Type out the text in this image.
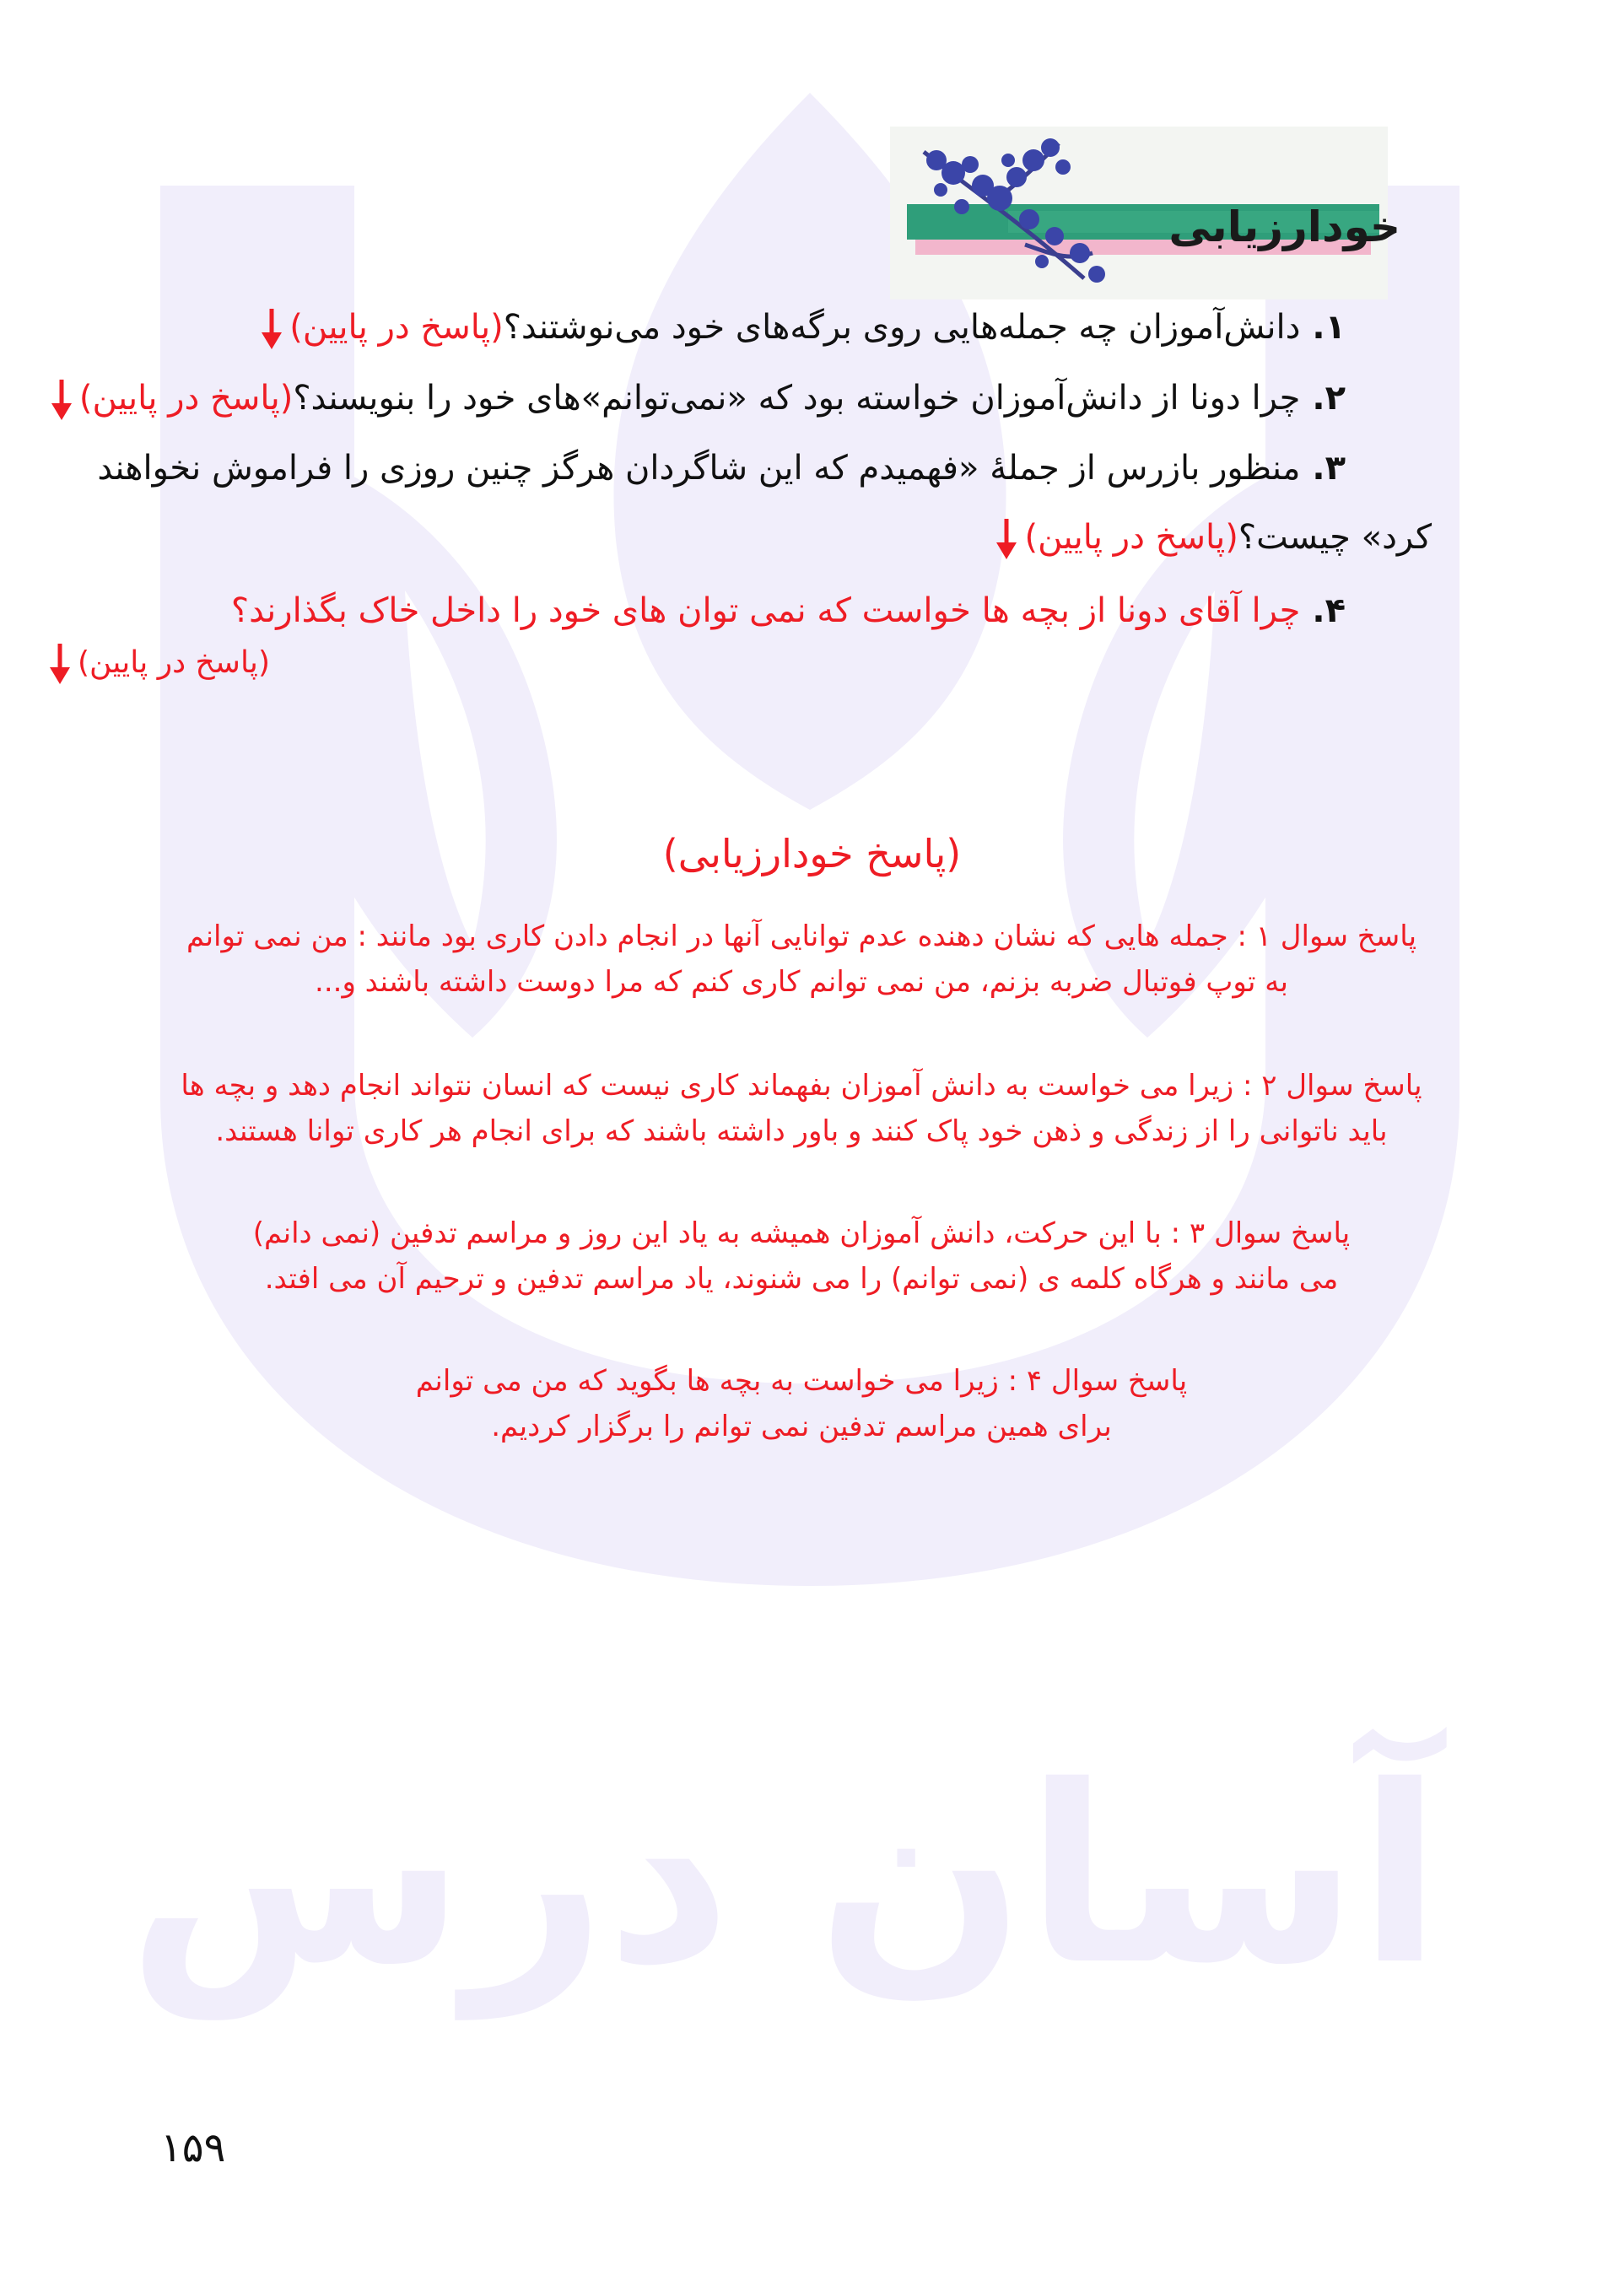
آسان درس
خودارزیابی
۱.دانش‌آموزان چه جمله‌هایی روی برگه‌های خود می‌نوشتند؟(پاسخ در پایین)
۲.چرا دونا از دانش‌آموزان خواسته بود که «نمی‌توانم»های خود را بنویسند؟(پاسخ در پایین)
۳.منظور بازرس از جملهٔ «فهمیدم که این شاگردان هرگز چنین روزی را فراموش نخواهند
کرد» چیست؟(پاسخ در پایین)
۴.چرا آقای دونا از بچه ها خواست که نمی توان های خود را داخل خاک بگذارند؟
(پاسخ در پایین)
(پاسخ خودارزیابی)
پاسخ سوال ۱ : جمله هایی که نشان دهنده عدم توانایی آنها در انجام دادن کاری بود مانند : من نمی توانم
به توپ فوتبال ضربه بزنم، من نمی توانم کاری کنم که مرا دوست داشته باشند و...
پاسخ سوال ۲ : زیرا می خواست به دانش آموزان بفهماند کاری نیست که انسان نتواند انجام دهد و بچه ها
باید ناتوانی را از زندگی و ذهن خود پاک کنند و باور داشته باشند که برای انجام هر کاری توانا هستند.
پاسخ سوال ۳ : با این حرکت، دانش آموزان همیشه به یاد این روز و مراسم تدفین (نمی دانم)
می مانند و هرگاه کلمه ی (نمی توانم) را می شنوند، یاد مراسم تدفین و ترحیم آن می افتد.
پاسخ سوال ۴ : زیرا می خواست به بچه ها بگوید که من می توانم
برای همین مراسم تدفین نمی توانم را برگزار کردیم.
۱۵۹
